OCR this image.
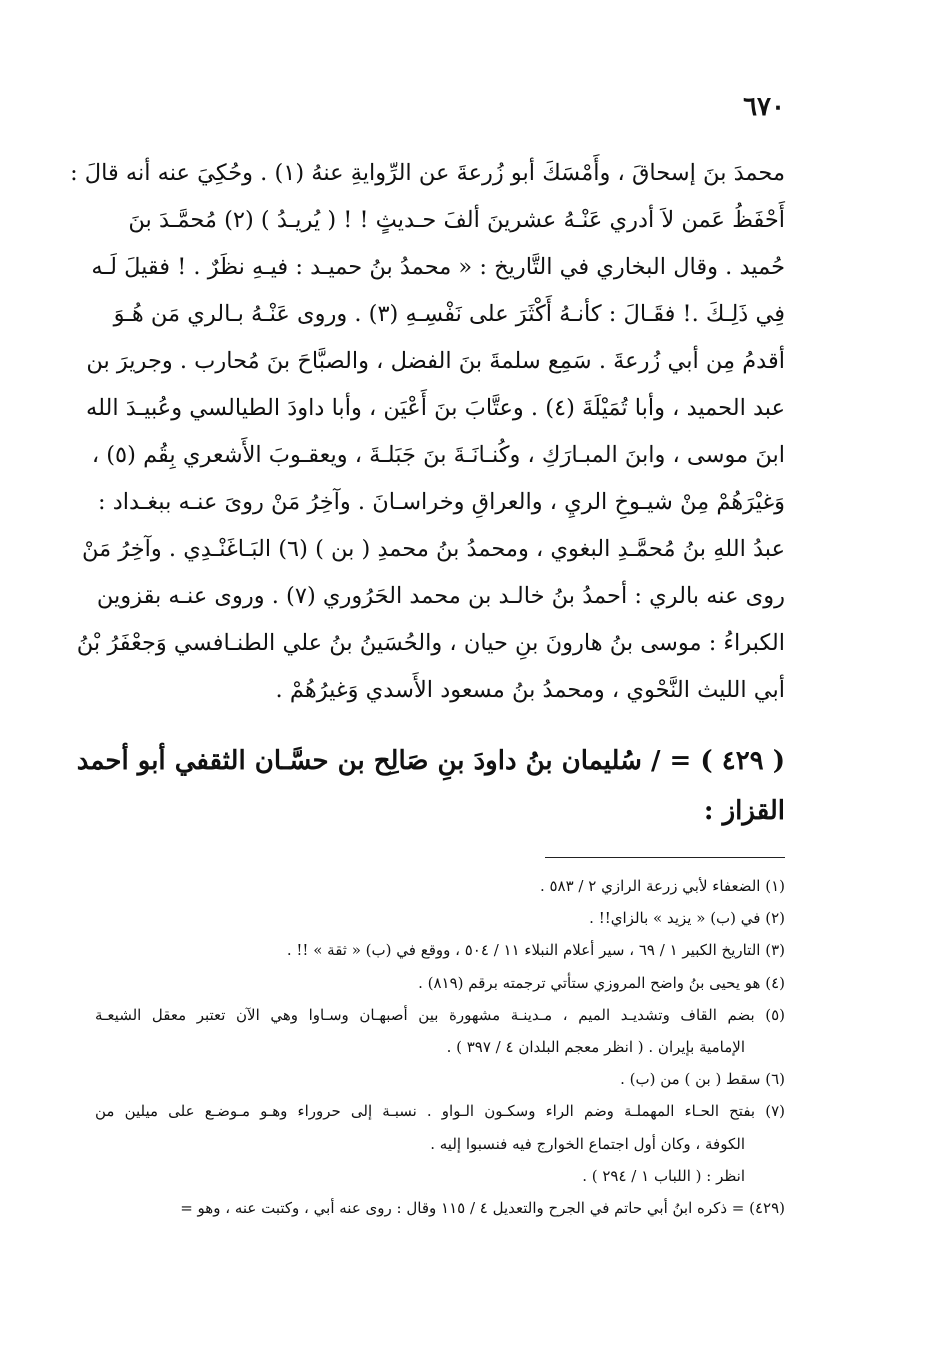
٦٧٠
محمدَ بنَ إسحاقَ ، وأَمْسَكَ أبو زُرعةَ عن الرِّوايةِ عنهُ (١) . وحُكِيَ عنه أنه قالَ :
أَحْفَظُ عَمن لاَ أدري عَنْـهُ عشرينَ ألفَ حـديثٍ ! ! ( يُريـدُ ) (٢) مُحمَّـدَ بنَ
حُميد . وقال البخاري في التَّاريخ : « محمدُ بنُ حميـد : فيـهِ نظَرٌ . ! فقيلَ لَـه
فِي ذَلِـكَ .! فقَـالَ : كأنـهُ أَكْثَرَ على نَفْسِـهِ (٣) . وروى عَنْـهُ بـالري مَن هُـوَ
أقدمُ مِن أبي زُرعةَ . سَمِع سلمةَ بنَ الفضل ، والصبَّاحَ بنَ مُحارب . وجريرَ بن
عبد الحميد ، وأبا تُمَيْلَةَ (٤) . وعتَّابَ بنَ أَعْيَن ، وأبا داودَ الطيالسي وعُبيـدَ الله
ابنَ موسى ، وابنَ المبـارَكِ ، وكُنـانَـةَ بنَ جَبَلـةَ ، ويعقـوبَ الأَشعري بِقُم (٥) ،
وَغيْرَهُمْ مِنْ شيـوخِ الريِ ، والعراقِ وخراسـانَ . وآخِرُ مَنْ روىَ عنـه ببغـداد :
عبدُ اللهِ بنُ مُحمَّـدِ البغوي ، ومحمدُ بنُ محمدِ ( بن ) (٦) البَـاغَنْـدِي . وآخِرُ مَنْ
روى عنه بالري : أحمدُ بنُ خالـد بن محمد الحَرُوري (٧) . وروى عنـه بقزوين
الكبراءُ : موسى بنُ هارونَ بنِ حيان ، والحُسَينُ بنُ علي الطنـافسي وَجعْفَرُ بْنُ
أبي الليث النَّحْوي ، ومحمدُ بنُ مسعود الأَسدي وَغيرُهُمْ .
( ٤٢٩ ) = / سُليمان بنُ داودَ بنِ صَالِح بن حسَّـان الثقفي أبو أحمد
القزاز :
(١) الضعفاء لأبي زرعة الرازي ٢ / ٥٨٣ .
(٢) في (ب) « يزيد » بالزاي!! .
(٣) التاريخ الكبير ١ / ٦٩ ، سير أعلام النبلاء ١١ / ٥٠٤ ، ووقع في (ب) « ثقة » !! .
(٤) هو يحيى بنُ واضح المروزي ستأتي ترجمته برقم (٨١٩) .
(٥) بضم القاف وتشديـد الميم ، مـدينـة مشهورة بين أصبهـان وسـاوا وهي الآن تعتبر معقل الشيعـة
الإمامية بإيران . ( انظر معجم البلدان ٤ / ٣٩٧ ) .
(٦) سقط ( بن ) من (ب) .
(٧) بفتح الحـاء المهملـة وضم الراء وسكـون الـواو . نسبـة إلى حروراء وهـو مـوضـع على ميلين من
الكوفة ، وكان أول اجتماع الخوارج فيه فنسبوا إليه .
انظر : ( اللباب ١ / ٢٩٤ ) .
(٤٢٩) = ذكره ابنُ أبي حاتم في الجرح والتعديل ٤ / ١١٥ وقال : روى عنه أبي ، وكتبت عنه ، وهو =
